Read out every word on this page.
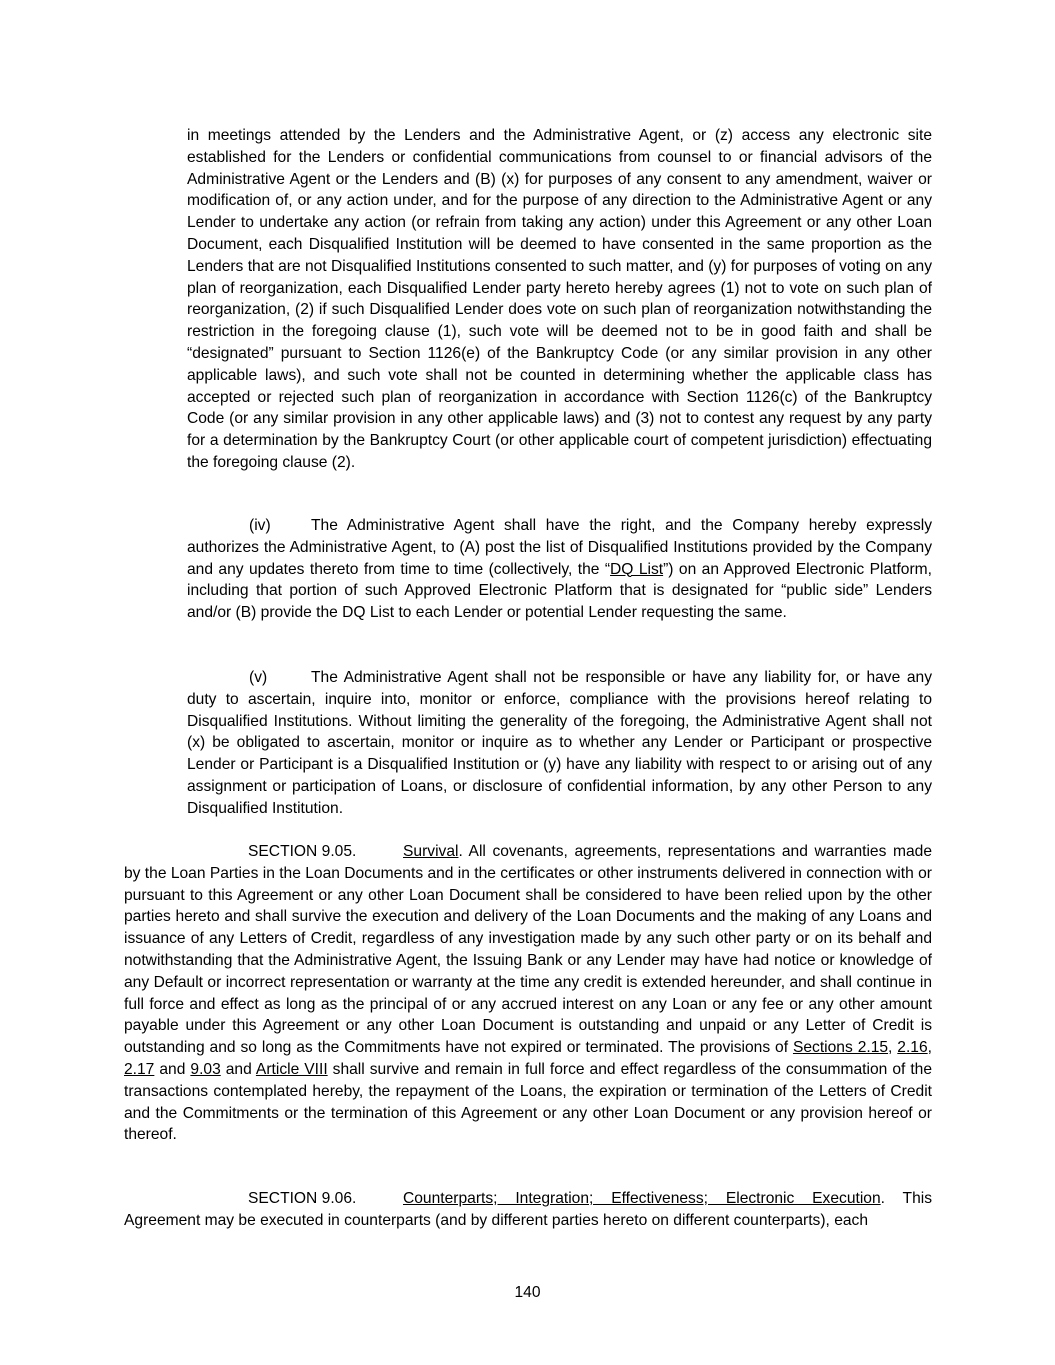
in meetings attended by the Lenders and the Administrative Agent, or (z) access any electronic site established for the Lenders or confidential communications from counsel to or financial advisors of the Administrative Agent or the Lenders and (B) (x) for purposes of any consent to any amendment, waiver or modification of, or any action under, and for the purpose of any direction to the Administrative Agent or any Lender to undertake any action (or refrain from taking any action) under this Agreement or any other Loan Document, each Disqualified Institution will be deemed to have consented in the same proportion as the Lenders that are not Disqualified Institutions consented to such matter, and (y) for purposes of voting on any plan of reorganization, each Disqualified Lender party hereto hereby agrees (1) not to vote on such plan of reorganization, (2) if such Disqualified Lender does vote on such plan of reorganization notwithstanding the restriction in the foregoing clause (1), such vote will be deemed not to be in good faith and shall be “designated” pursuant to Section 1126(e) of the Bankruptcy Code (or any similar provision in any other applicable laws), and such vote shall not be counted in determining whether the applicable class has accepted or rejected such plan of reorganization in accordance with Section 1126(c) of the Bankruptcy Code (or any similar provision in any other applicable laws) and (3) not to contest any request by any party for a determination by the Bankruptcy Court (or other applicable court of competent jurisdiction) effectuating the foregoing clause (2).

(iv)	The Administrative Agent shall have the right, and the Company hereby expressly authorizes the Administrative Agent, to (A) post the list of Disqualified Institutions provided by the Company and any updates thereto from time to time (collectively, the “DQ List”) on an Approved Electronic Platform, including that portion of such Approved Electronic Platform that is designated for “public side” Lenders and/or (B) provide the DQ List to each Lender or potential Lender requesting the same.

(v)	The Administrative Agent shall not be responsible or have any liability for, or have any duty to ascertain, inquire into, monitor or enforce, compliance with the provisions hereof relating to Disqualified Institutions. Without limiting the generality of the foregoing, the Administrative Agent shall not (x) be obligated to ascertain, monitor or inquire as to whether any Lender or Participant or prospective Lender or Participant is a Disqualified Institution or (y) have any liability with respect to or arising out of any assignment or participation of Loans, or disclosure of confidential information, by any other Person to any Disqualified Institution.

SECTION 9.05.	Survival. All covenants, agreements, representations and warranties made by the Loan Parties in the Loan Documents and in the certificates or other instruments delivered in connection with or pursuant to this Agreement or any other Loan Document shall be considered to have been relied upon by the other parties hereto and shall survive the execution and delivery of the Loan Documents and the making of any Loans and issuance of any Letters of Credit, regardless of any investigation made by any such other party or on its behalf and notwithstanding that the Administrative Agent, the Issuing Bank or any Lender may have had notice or knowledge of any Default or incorrect representation or warranty at the time any credit is extended hereunder, and shall continue in full force and effect as long as the principal of or any accrued interest on any Loan or any fee or any other amount payable under this Agreement or any other Loan Document is outstanding and unpaid or any Letter of Credit is outstanding and so long as the Commitments have not expired or terminated. The provisions of Sections 2.15, 2.16, 2.17 and 9.03 and Article VIII shall survive and remain in full force and effect regardless of the consummation of the transactions contemplated hereby, the repayment of the Loans, the expiration or termination of the Letters of Credit and the Commitments or the termination of this Agreement or any other Loan Document or any provision hereof or thereof.

SECTION 9.06.	Counterparts; Integration; Effectiveness; Electronic Execution. This Agreement may be executed in counterparts (and by different parties hereto on different counterparts), each

140
